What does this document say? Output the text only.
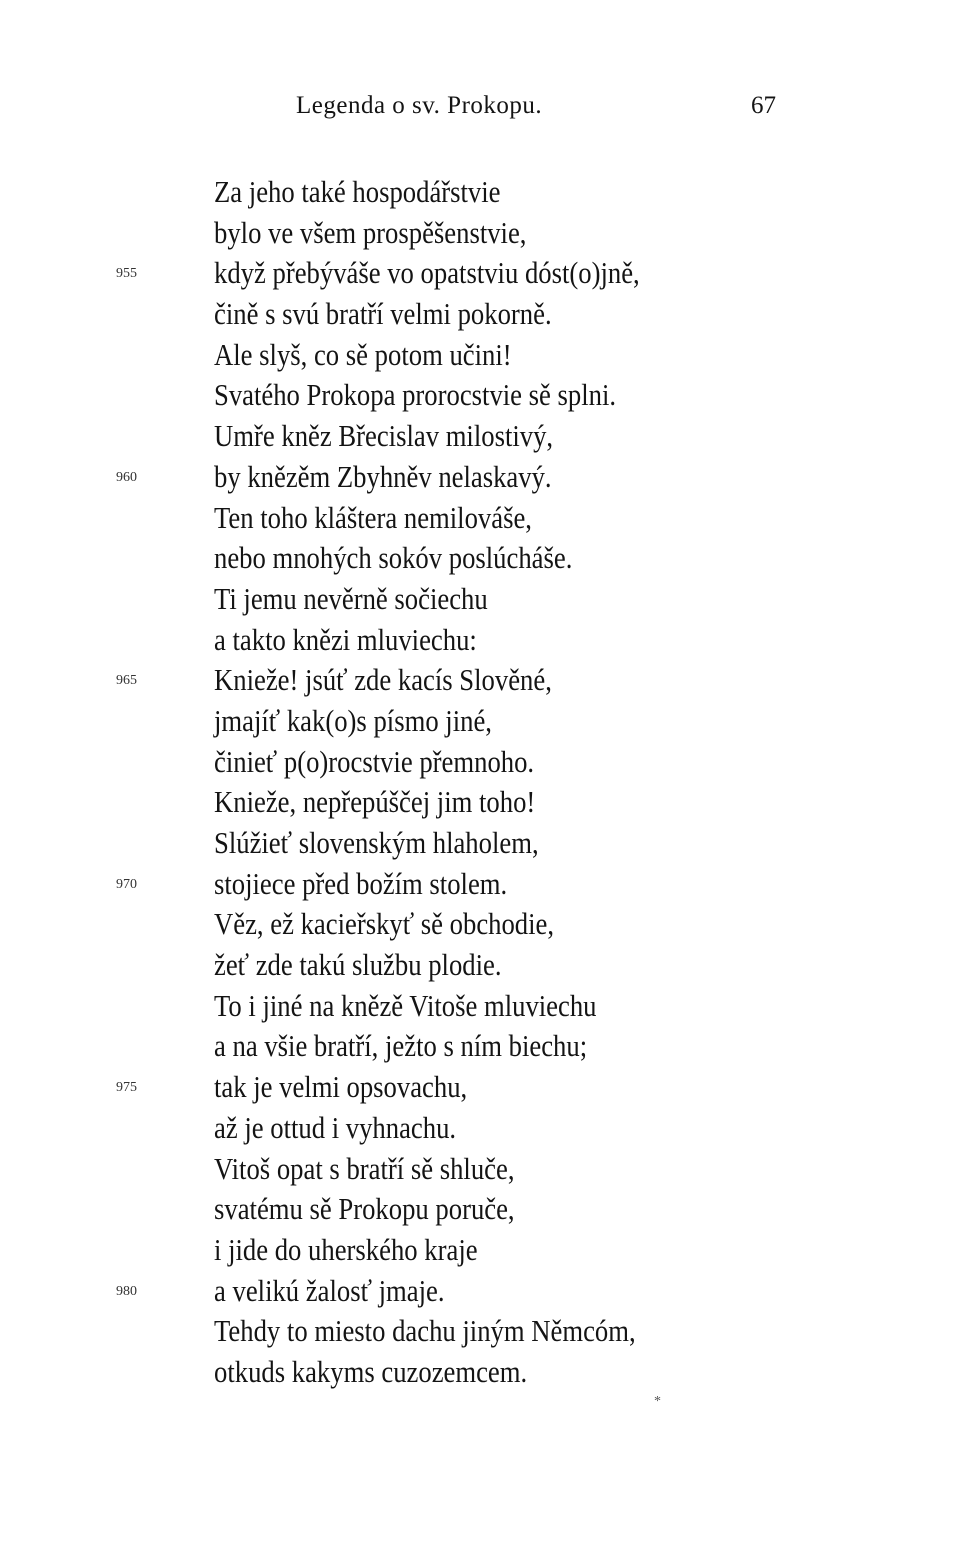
Legenda o sv. Prokopu.	67
Za jeho také hospodářstvie
bylo ve všem prospěšenstvie,
když přebýváše vo opatstviu dóst(o)jně,
čině s svú bratří velmi pokorně.
Ale slyš, co sě potom učini!
Svatého Prokopa prorocstvie sě splni.
Umře kněz Břecislav milostivý,
by knězěm Zbyhněv nelaskavý.
Ten toho kláštera nemilováše,
nebo mnohých sokóv poslúcháše.
Ti jemu nevěrně sočiechu
a takto knězi mluviechu:
Knieže! jsúť zde kacís Slověné,
jmajíť kak(o)s písmo jiné,
činieť p(o)rocstvie přemnoho.
Knieže, nepřepúščej jim toho!
Slúžieť slovenským hlaholem,
stojiece před božím stolem.
Věz, ež kacieřskyť sě obchodie,
žeť zde takú službu plodie.
To i jiné na knězě Vitoše mluviechu
a na všie bratří, ježto s ním biechu;
tak je velmi opsovachu,
až je ottud i vyhnachu.
Vitoš opat s bratří sě shluče,
svatému sě Prokopu poruče,
i jide do uherského kraje
a velikú žalosť jmaje.
Tehdy to miesto dachu jiným Němcóm,
otkuds kakyms cuzozemcem.
955
960
965
970
975
980
*
